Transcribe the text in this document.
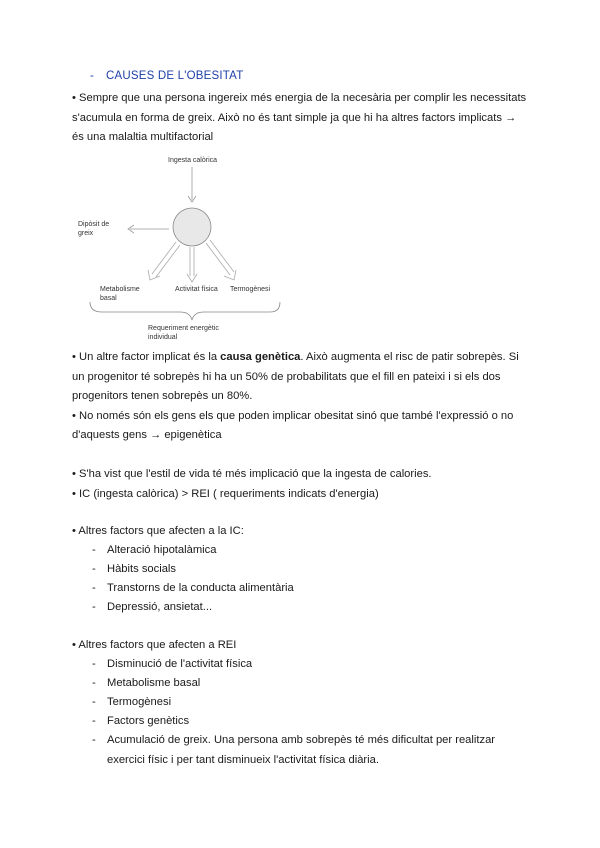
- CAUSES DE L'OBESITAT
• Sempre que una persona ingereix més energia de la necesària per complir les necessitats
s'acumula en forma de greix. Això no és tant simple ja que hi ha altres factors implicats →
és una malaltia multifactorial
Ingesta calòrica
Dipòsit de
greix
Metabolisme
basal
Activitat física Termogènesi
Requeriment energètic
individual
• Un altre factor implicat és la causa genètica. Això augmenta el risc de patir sobrepès. Si
un progenitor té sobrepès hi ha un 50% de probabilitats que el fill en pateixi i si els dos
progenitors tenen sobrepès un 80%.
• No només són els gens els que poden implicar obesitat sinó que també l'expressió o no
d'aquests gens → epigenètica
• S'ha vist que l'estil de vida té més implicació que la ingesta de calories.
• IC (ingesta calòrica) > REI ( requeriments indicats d'energia)
• Altres factors que afecten a la IC:
- Alteració hipotalàmica
- Hàbits socials
- Transtorns de la conducta alimentària
- Depressió, ansietat...
• Altres factors que afecten a REI
- Disminució de l'activitat física
- Metabolisme basal
- Termogènesi
- Factors genètics
- Acumulació de greix. Una persona amb sobrepès té més dificultat per realitzar
exercici físic i per tant disminueix l'activitat física diària.
